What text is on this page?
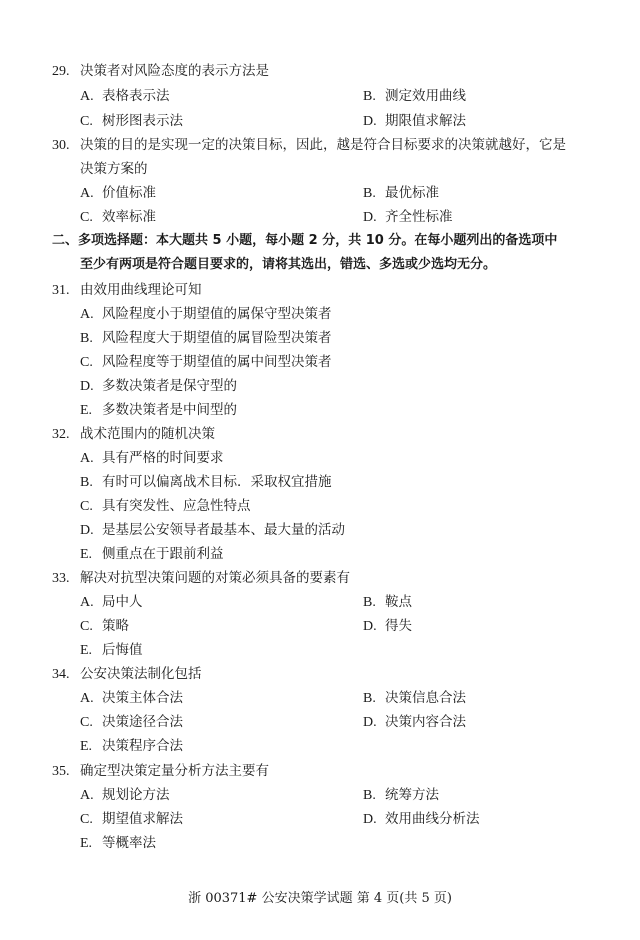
29. 决策者对风险态度的表示方法是
A. 表格表示法	B. 测定效用曲线
C. 树形图表示法	D. 期限值求解法
30. 决策的目的是实现一定的决策目标，因此，越是符合目标要求的决策就越好，它是
决策方案的
A. 价值标准	B. 最优标准
C. 效率标准	D. 齐全性标准
二、多项选择题：本大题共 5 小题，每小题 2 分，共 10 分。在每小题列出的备选项中
至少有两项是符合题目要求的，请将其选出，错选、多选或少选均无分。
31. 由效用曲线理论可知
A. 风险程度小于期望值的属保守型决策者
B. 风险程度大于期望值的属冒险型决策者
C. 风险程度等于期望值的属中间型决策者
D. 多数决策者是保守型的
E. 多数决策者是中间型的
32. 战术范围内的随机决策
A. 具有严格的时间要求
B. 有时可以偏离战术目标．采取权宜措施
C. 具有突发性、应急性特点
D. 是基层公安领导者最基本、最大量的活动
E. 侧重点在于跟前利益
33. 解决对抗型决策问题的对策必须具备的要素有
A. 局中人	B. 鞍点
C. 策略	D. 得失
E. 后悔值
34. 公安决策法制化包括
A. 决策主体合法	B. 决策信息合法
C. 决策途径合法	D. 决策内容合法
E. 决策程序合法
35. 确定型决策定量分析方法主要有
A. 规划论方法	B. 统筹方法
C. 期望值求解法	D. 效用曲线分析法
E. 等概率法
浙 00371# 公安决策学试题 第 4 页(共 5 页)
